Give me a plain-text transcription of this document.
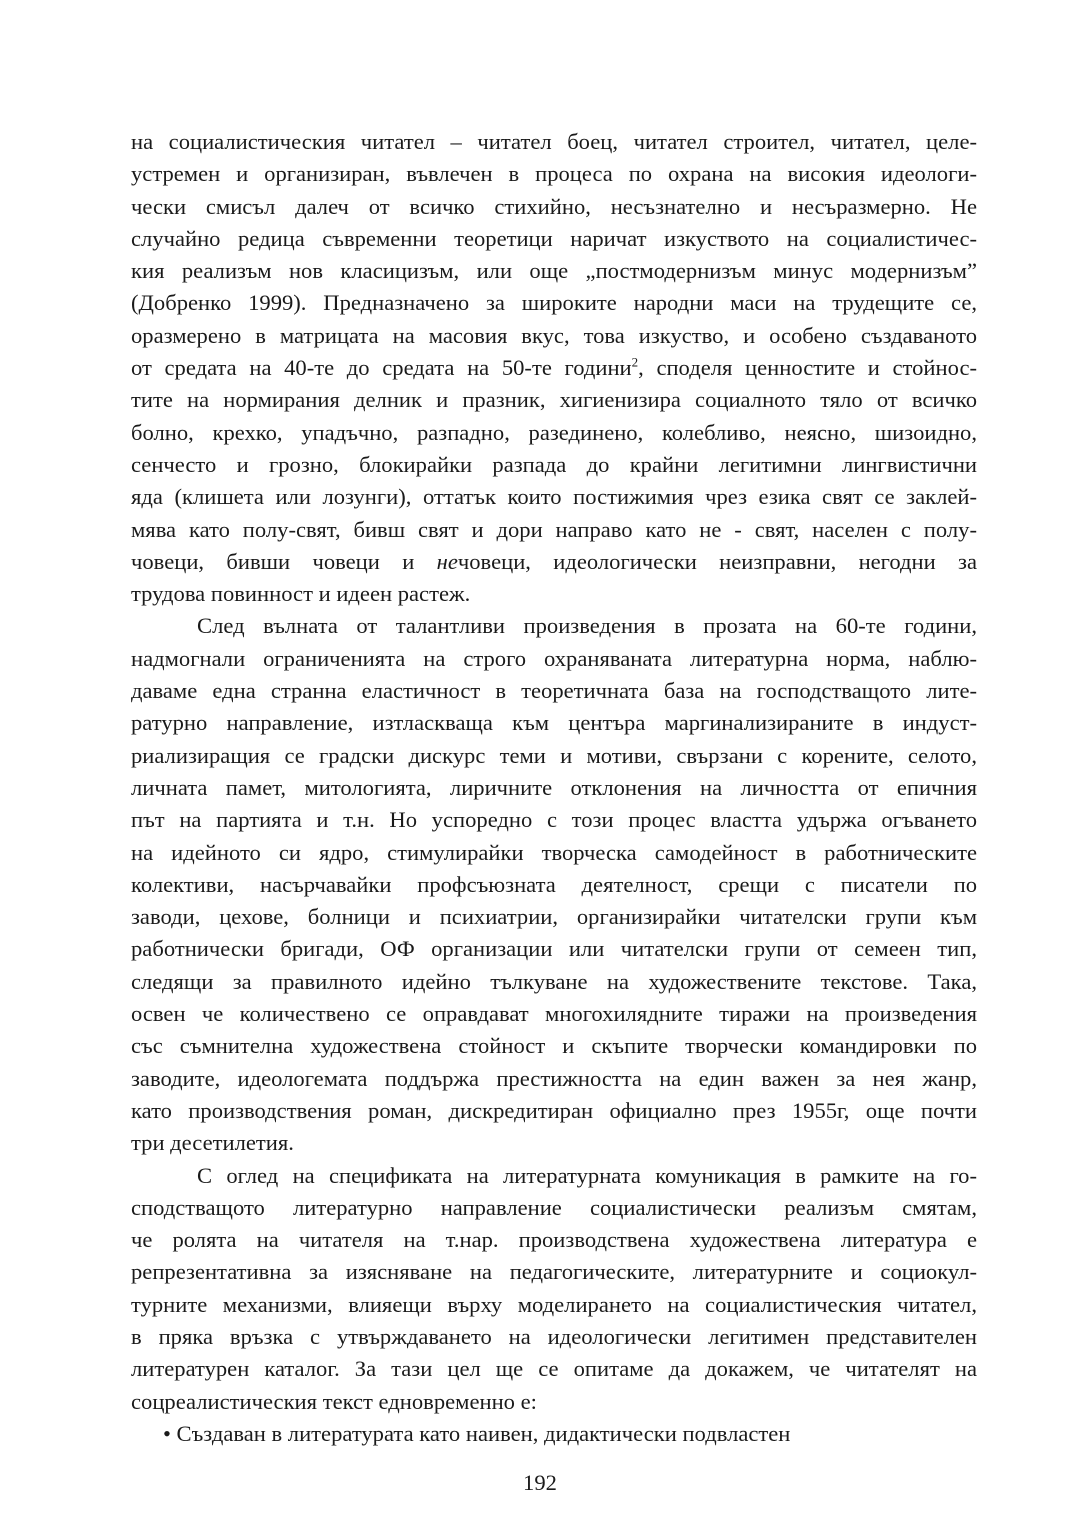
на социалистическия читател – читател боец, читател строител, читател, целе-
устремен и организиран, въвлечен в процеса по охрана на високия идеологи-
чески смисъл далеч от всичко стихийно, несъзнателно и несъразмерно. Не
случайно редица съвременни теоретици наричат изкуството на социалистичес-
кия реализъм нов класицизъм, или още „постмодернизъм минус модернизъм”
(Добренко 1999). Предназначено за широките народни маси на трудещите се,
оразмерено в матрицата на масовия вкус, това изкуство, и особено създаваното
от средата на 40-те до средата на 50-те години$^2$, споделя ценностите и стойнос-
тите на нормирания делник и празник, хигиенизира социалното тяло от всичко
болно, крехко, упадъчно, разпадно, разединено, колебливо, неясно, шизоидно,
сенчесто и грозно, блокирайки разпада до крайни легитимни лингвистични
яда (клишета или лозунги), оттатък които постижимия чрез езика свят се заклей-
мява като полу-свят, бивш свят и дори направо като не - свят, населен с полу-
човеци, бивши човеци и нечовеци, идеологически неизправни, негодни за
трудова повинност и идеен растеж.
След вълната от талантливи произведения в прозата на 60-те години,
надмогнали ограниченията на строго охраняваната литературна норма, наблю-
даваме една странна еластичност в теоретичната база на господстващото лите-
ратурно направление, изтласкваща към центъра маргинализираните в индуст-
риализиращия се градски дискурс теми и мотиви, свързани с корените, селото,
личната памет, митологията, лиричните отклонения на личността от епичния
път на партията и т.н. Но успоредно с този процес властта удържа огъването
на идейното си ядро, стимулирайки творческа самодейност в работническите
колективи, насърчавайки профсъюзната деятелност, срещи с писатели по
заводи, цехове, болници и психиатрии, организирайки читателски групи към
работнически бригади, ОФ организации или читателски групи от семеен тип,
следящи за правилното идейно тълкуване на художествените текстове. Така,
освен че количествено се оправдават многохилядните тиражи на произведения
със съмнителна художествена стойност и скъпите творчески командировки по
заводите, идеологемата поддържа престижността на един важен за нея жанр,
като производствения роман, дискредитиран официално през 1955г, още почти
три десетилетия.
С оглед на спецификата на литературната комуникация в рамките на го-
сподстващото литературно направление социалистически реализъм смятам,
че ролята на читателя на т.нар. производствена художествена литература е
репрезентативна за изясняване на педагогическите, литературните и социокул-
турните механизми, влияещи върху моделирането на социалистическия читател,
в пряка връзка с утвърждаването на идеологически легитимен представителен
литературен каталог. За тази цел ще се опитаме да докажем, че читателят на
соцреалистическия текст едновременно е:
• Създаван в литературата като наивен, дидактически подвластен
192
